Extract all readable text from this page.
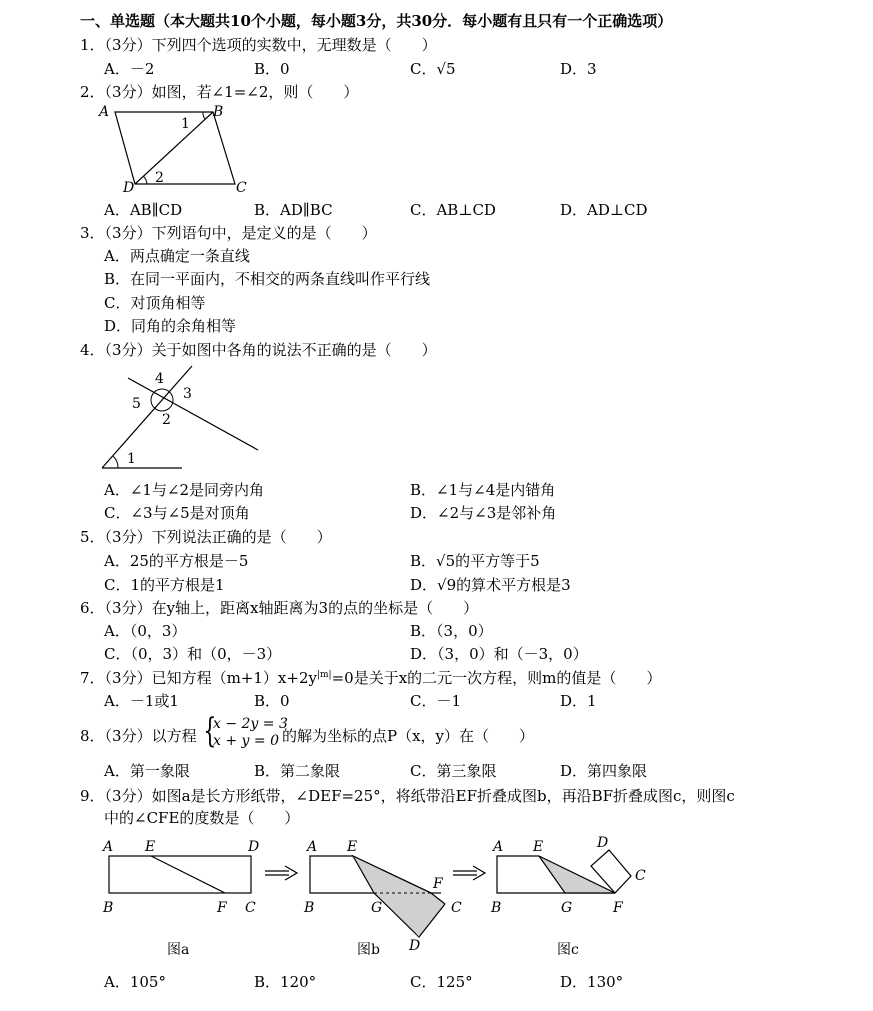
一、单选题（本大题共10个小题，每小题3分，共30分．每小题有且只有一个正确选项）
1．（3分）下列四个选项的实数中，无理数是（　　）
A．－2	B．0	C．√5	D．3
2．（3分）如图，若∠1=∠2，则（　　）
A	B
C
D
1
2
A．AB∥CD	B．AD∥BC	C．AB⊥CD	D．AD⊥CD
3．（3分）下列语句中，是定义的是（　　）
A．两点确定一条直线
B．在同一平面内，不相交的两条直线叫作平行线
C．对顶角相等
D．同角的余角相等
4．（3分）关于如图中各角的说法不正确的是（　　）
4
5
3
2
1
A．∠1与∠2是同旁内角	B．∠1与∠4是内错角
C．∠3与∠5是对顶角	D．∠2与∠3是邻补角
5．（3分）下列说法正确的是（　　）
A．25的平方根是－5	B．√5的平方等于5
C．1的平方根是1	D．√9的算术平方根是3
6．（3分）在y轴上，距离x轴距离为3的点的坐标是（　　）
A．（0，3）	B．（3，0）
C．（0，3）和（0，－3）	D．（3，0）和（－3，0）
7．（3分）已知方程$(m+1)x+2y^{|m|}=0$是关于x的二元一次方程，则m的值是（　　）
A．－1或1	B．0	C．－1	D．1
8．（3分）以方程 {
x − 2y = 3
x + y = 0 的解为坐标的点P（x，y）在（　　）
A．第一象限	B．第二象限	C．第三象限	D．第四象限
9．（3分）如图a是长方形纸带，∠DEF=25°，将纸带沿EF折叠成图b，再沿BF折叠成图c，则图c
中的∠CFE的度数是（　　）
A E	D
B	F C
图a
A E
F
B	G	C
D
图b
A E	D
C
B	G	F
图c
A．105°	B．120°	C．125°	D．130°
